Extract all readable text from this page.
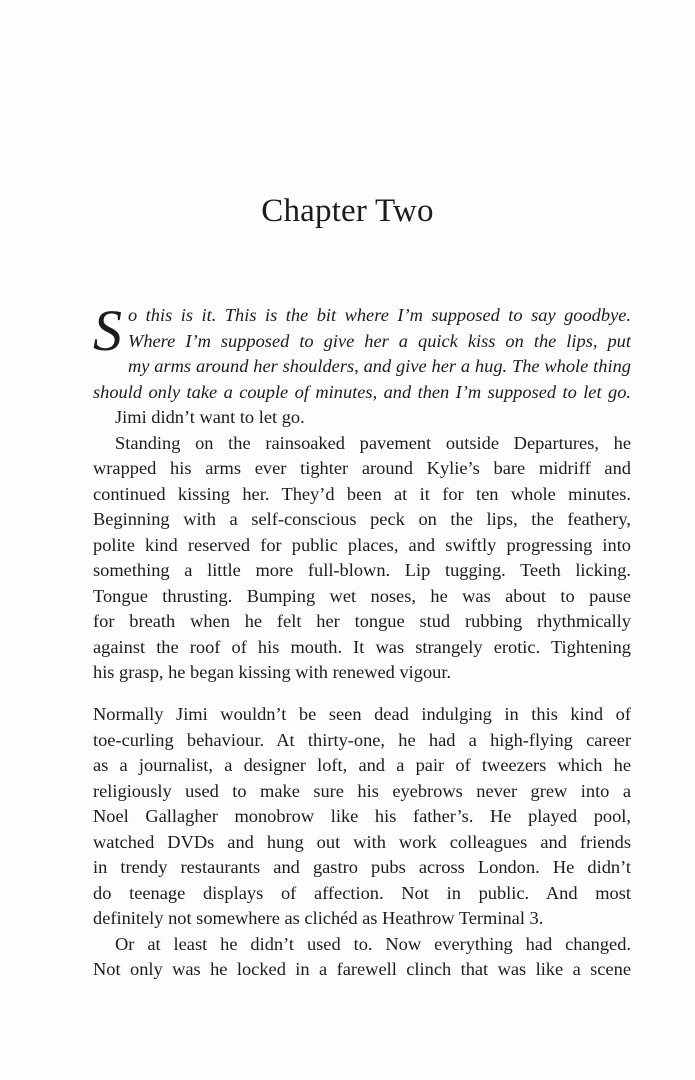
Chapter Two
S o this is it. This is the bit where I’m supposed to say goodbye.
Where I’m supposed to give her a quick kiss on the lips, put
my arms around her shoulders, and give her a hug. The whole thing
should only take a couple of minutes, and then I’m supposed to let go.
Jimi didn’t want to let go.
Standing on the rainsoaked pavement outside Departures, he
wrapped his arms ever tighter around Kylie’s bare midriff and
continued kissing her. They’d been at it for ten whole minutes.
Beginning with a self-conscious peck on the lips, the feathery,
polite kind reserved for public places, and swiftly progressing into
something a little more full-blown. Lip tugging. Teeth licking.
Tongue thrusting. Bumping wet noses, he was about to pause
for breath when he felt her tongue stud rubbing rhythmically
against the roof of his mouth. It was strangely erotic. Tightening
his grasp, he began kissing with renewed vigour.
Normally Jimi wouldn’t be seen dead indulging in this kind of
toe-curling behaviour. At thirty-one, he had a high-flying career
as a journalist, a designer loft, and a pair of tweezers which he
religiously used to make sure his eyebrows never grew into a
Noel Gallagher monobrow like his father’s. He played pool,
watched DVDs and hung out with work colleagues and friends
in trendy restaurants and gastro pubs across London. He didn’t
do teenage displays of affection. Not in public. And most
definitely not somewhere as clichéd as Heathrow Terminal 3.
Or at least he didn’t used to. Now everything had changed.
Not only was he locked in a farewell clinch that was like a scene
